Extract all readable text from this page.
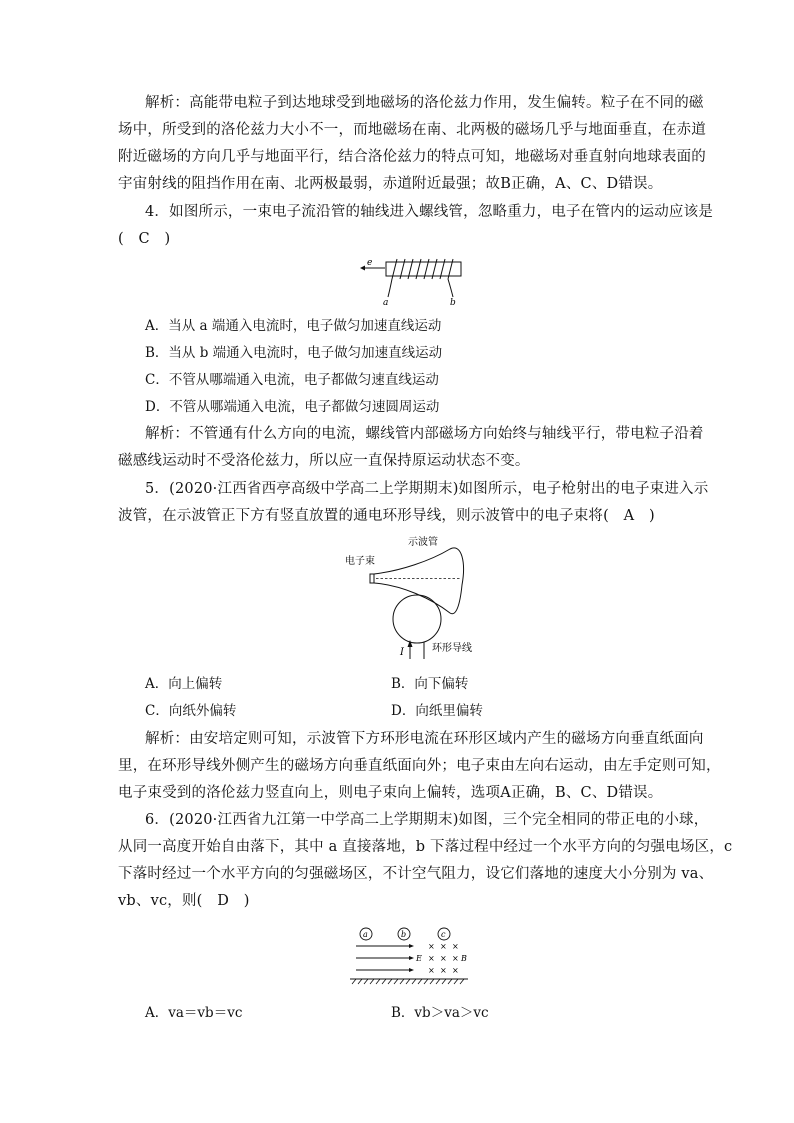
解析：高能带电粒子到达地球受到地磁场的洛伦兹力作用，发生偏转。粒子在不同的磁
场中，所受到的洛伦兹力大小不一，而地磁场在南、北两极的磁场几乎与地面垂直，在赤道
附近磁场的方向几乎与地面平行，结合洛伦兹力的特点可知，地磁场对垂直射向地球表面的
宇宙射线的阻挡作用在南、北两极最弱，赤道附近最强；故B正确，A、C、D错误。
4．如图所示，一束电子流沿管的轴线进入螺线管，忽略重力，电子在管内的运动应该是
(　C　)
e
a	b
A．当从 a 端通入电流时，电子做匀加速直线运动
B．当从 b 端通入电流时，电子做匀加速直线运动
C．不管从哪端通入电流，电子都做匀速直线运动
D．不管从哪端通入电流，电子都做匀速圆周运动
解析：不管通有什么方向的电流，螺线管内部磁场方向始终与轴线平行，带电粒子沿着
磁感线运动时不受洛伦兹力，所以应一直保持原运动状态不变。
5．(2020·江西省西亭高级中学高二上学期期末)如图所示，电子枪射出的电子束进入示
波管，在示波管正下方有竖直放置的通电环形导线，则示波管中的电子束将(　A　)
示波管
电子束
I	环形导线
A．向上偏转	B．向下偏转
C．向纸外偏转	D．向纸里偏转
解析：由安培定则可知，示波管下方环形电流在环形区域内产生的磁场方向垂直纸面向
里，在环形导线外侧产生的磁场方向垂直纸面向外；电子束由左向右运动，由左手定则可知，
电子束受到的洛伦兹力竖直向上，则电子束向上偏转，选项A正确，B、C、D错误。
6．(2020·江西省九江第一中学高二上学期期末)如图，三个完全相同的带正电的小球，
从同一高度开始自由落下，其中 a 直接落地，b 下落过程中经过一个水平方向的匀强电场区，c
下落时经过一个水平方向的匀强磁场区，不计空气阻力，设它们落地的速度大小分别为 va、
vb、vc，则(　D　)
a	b	c
E
× × ×
× × ×
× × ×
B
A．va＝vb＝vc	B．vb＞va＞vc
